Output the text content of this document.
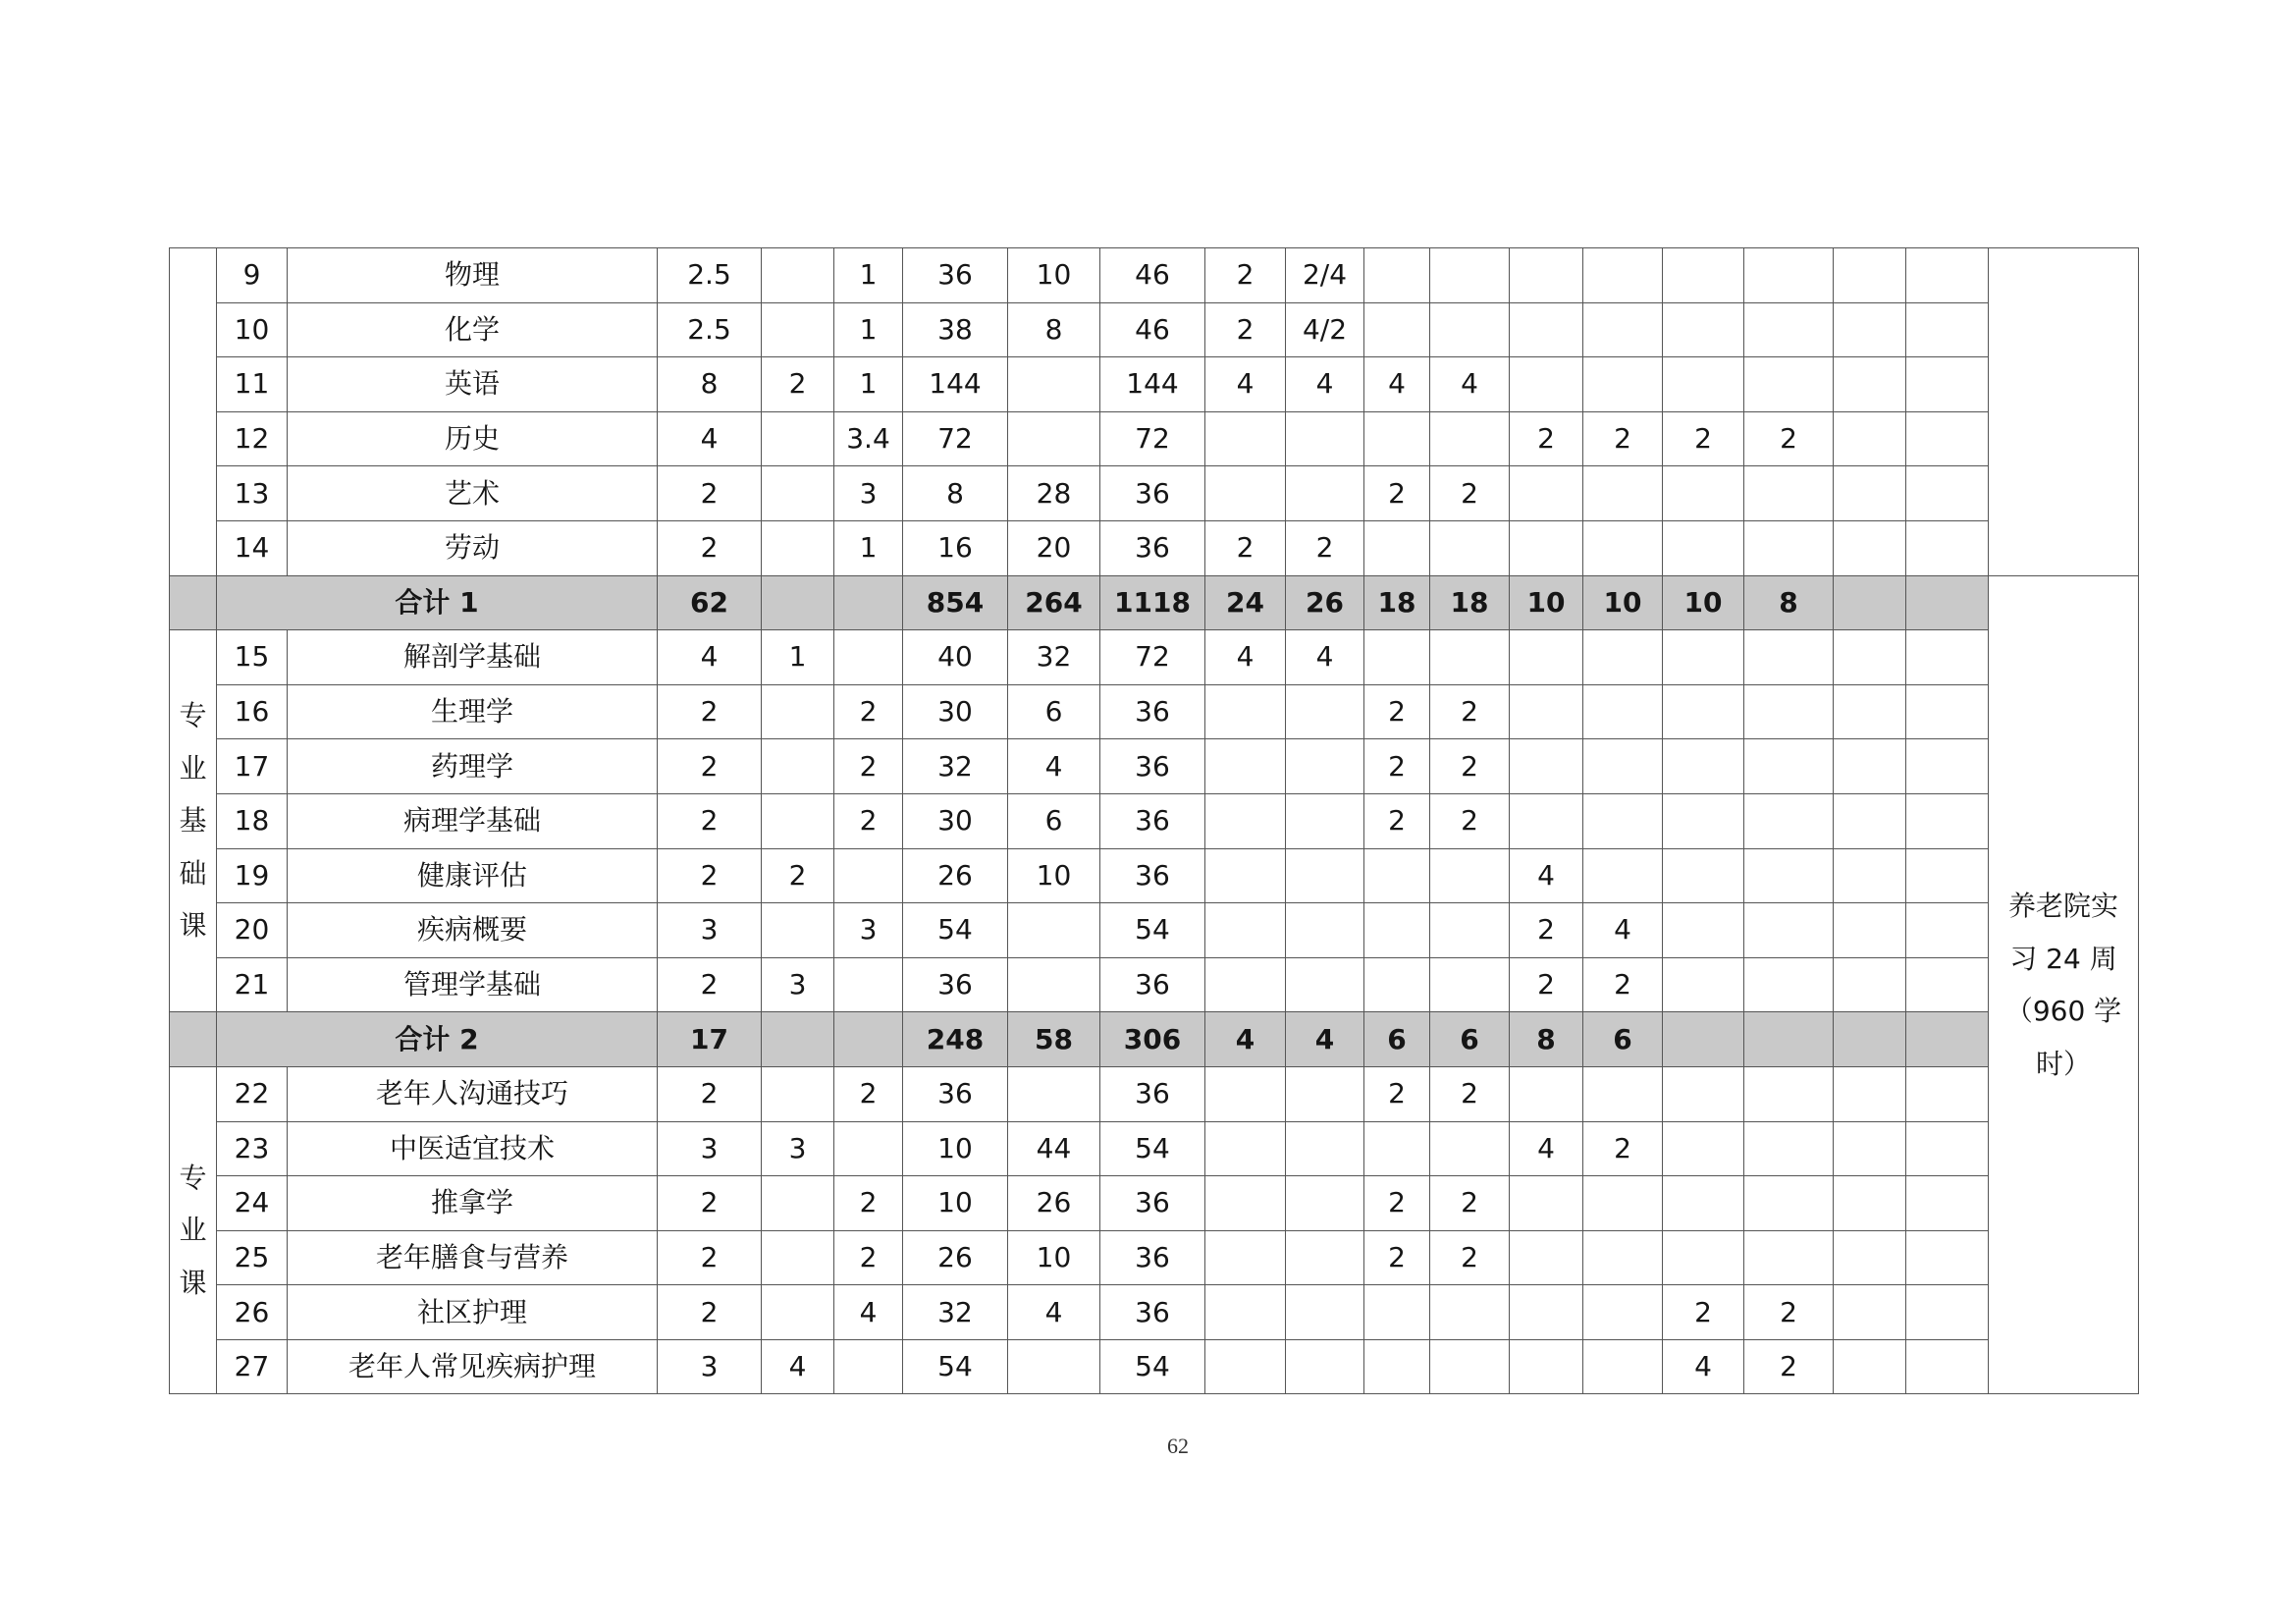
	9	物理	2.5		1	36	10	46	2	2/4									

	10	化学	2.5		1	38	8	46	2	4/2									
	11	英语	8	2	1	144		144	4	4	4	4							
	12	历史	4		3.4	72		72					2	2	2	2			
	13	艺术	2		3	8	28	36			2	2							
	14	劳动	2		1	16	20	36	2	2									
	合计 1		62			854	264	1118	24	26	18	18	10	10	10	8			养老院实习 24 周（960 学时）

专业基础课	15	解剖学基础	4	1		40	32	72	4	4									
	16	生理学	2		2	30	6	36			2	2							
	17	药理学	2		2	32	4	36			2	2							
	18	病理学基础	2		2	30	6	36			2	2							
	19	健康评估	2	2		26	10	36					4						
	20	疾病概要	3		3	54		54					2	4					
	21	管理学基础	2	3		36		36					2	2					
	合计 2		17			248	58	306	4	4	6	6	8	6					

专业课	22	老年人沟通技巧	2		2	36		36			2	2							
	23	中医适宜技术	3	3		10	44	54					4	2					
	24	推拿学	2		2	10	26	36			2	2							
	25	老年膳食与营养	2		2	26	10	36			2	2							
	26	社区护理	2		4	32	4	36							2	2			
	27	老年人常见疾病护理	3	4		54		54							4	2			
62
